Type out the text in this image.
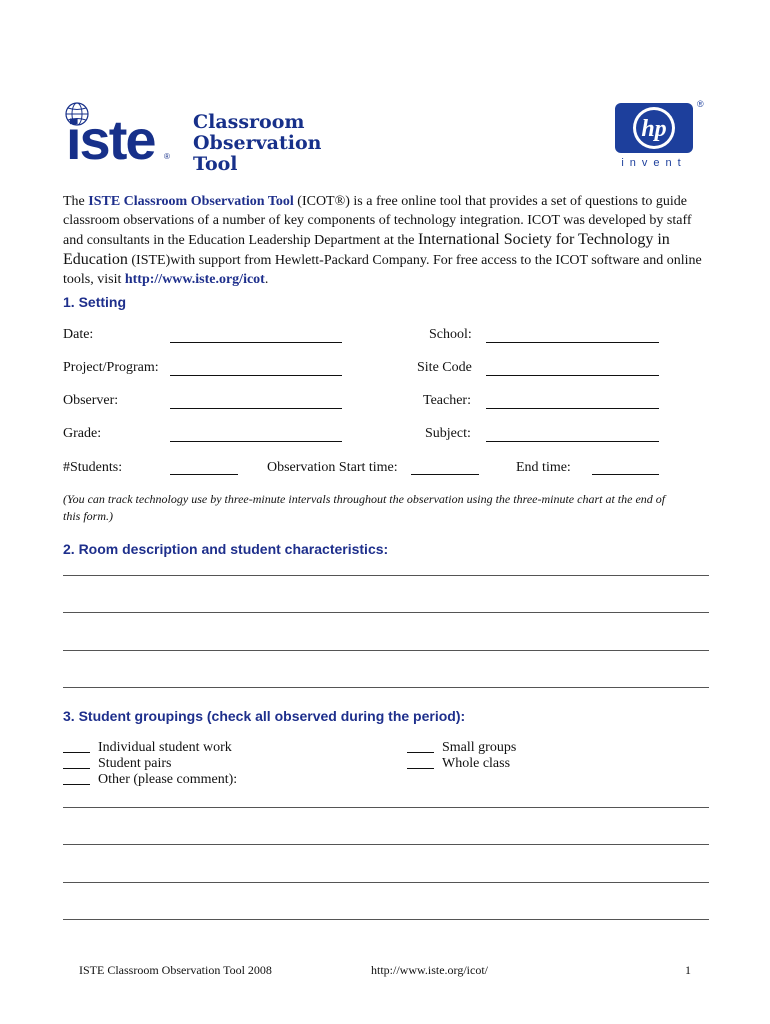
iste ®
Classroom
Observation
Tool
hp
®
invent
The ISTE Classroom Observation Tool (ICOT®) is a free online tool that provides a set of questions to guide classroom observations of a number of key components of technology integration. ICOT was developed by staff and consultants in the Education Leadership Department at the International Society for Technology in Education (ISTE)with support from Hewlett-Packard Company. For free access to the ICOT software and online tools, visit http://www.iste.org/icot.
1. Setting
Date:	School:
Project/Program:	Site Code
Observer:	Teacher:
Grade:	Subject:
#Students:	Observation Start time:	End time:
(You can track technology use by three-minute intervals throughout the observation using the three-minute chart at the end of this form.)
2. Room description and student characteristics:
3. Student groupings (check all observed during the period):
Individual student work
Student pairs
Other (please comment):
Small groups
Whole class
ISTE Classroom Observation Tool 2008	http://www.iste.org/icot/	1
